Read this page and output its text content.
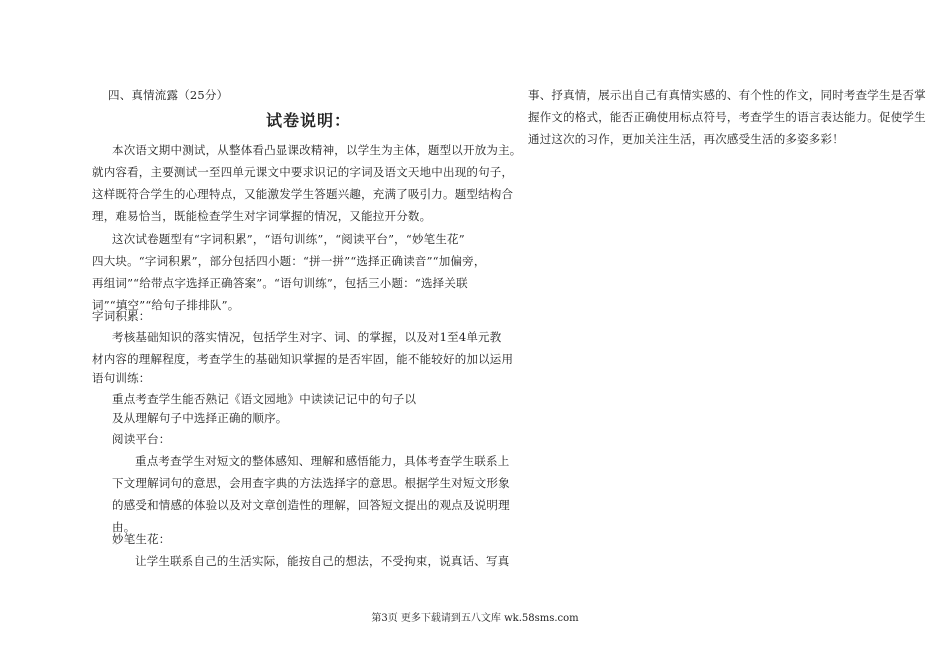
四、真情流露（25分）
试卷说明：
本次语文期中测试，从整体看凸显课改精神，以学生为主体，题型以开放为主。
就内容看，主要测试一至四单元课文中要求识记的字词及语文天地中出现的句子，
这样既符合学生的心理特点，又能激发学生答题兴趣，充满了吸引力。题型结构合
理，难易恰当，既能检查学生对字词掌握的情况，又能拉开分数。
这次试卷题型有“字词积累”，“语句训练”，“阅读平台”，“妙笔生花”
四大块。“字词积累”，部分包括四小题：“拼一拼”“选择正确读音”“加偏旁，
再组词”“给带点字选择正确答案”。“语句训练”，包括三小题：“选择关联
词”“填空”“给句子排排队”。
字词积累：
考核基础知识的落实情况，包括学生对字、词、的掌握，以及对1至4单元教
材内容的理解程度，考查学生的基础知识掌握的是否牢固，能不能较好的加以运用
语句训练：
重点考查学生能否熟记《语文园地》中读读记记中的句子以
及从理解句子中选择正确的顺序。
阅读平台：
重点考查学生对短文的整体感知、理解和感悟能力，具体考查学生联系上
下文理解词句的意思，会用查字典的方法选择字的意思。根据学生对短文形象
的感受和情感的体验以及对文章创造性的理解，回答短文提出的观点及说明理
由。
妙笔生花：
让学生联系自己的生活实际，能按自己的想法，不受拘束，说真话、写真
事、抒真情，展示出自己有真情实感的、有个性的作文，同时考查学生是否掌
握作文的格式，能否正确使用标点符号，考查学生的语言表达能力。促使学生
通过这次的习作，更加关注生活，再次感受生活的多姿多彩！
第3页 更多下载请到五八文库 wk.58sms.com
